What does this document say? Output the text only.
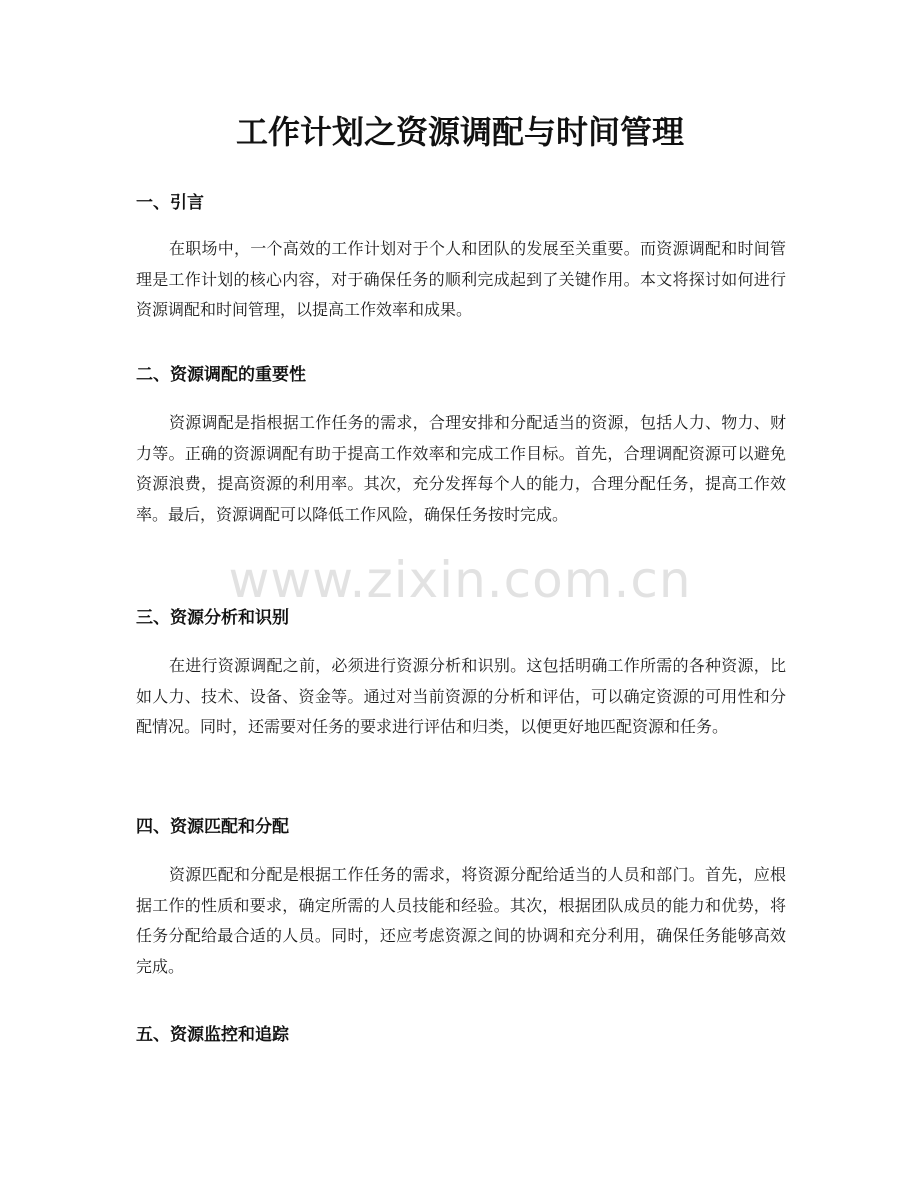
工作计划之资源调配与时间管理
一、引言

在职场中，一个高效的工作计划对于个人和团队的发展至关重要。而资源调配和时间管理是工作计划的核心内容，对于确保任务的顺利完成起到了关键作用。本文将探讨如何进行资源调配和时间管理，以提高工作效率和成果。

二、资源调配的重要性

资源调配是指根据工作任务的需求，合理安排和分配适当的资源，包括人力、物力、财力等。正确的资源调配有助于提高工作效率和完成工作目标。首先，合理调配资源可以避免资源浪费，提高资源的利用率。其次，充分发挥每个人的能力，合理分配任务，提高工作效率。最后，资源调配可以降低工作风险，确保任务按时完成。

三、资源分析和识别

在进行资源调配之前，必须进行资源分析和识别。这包括明确工作所需的各种资源，比如人力、技术、设备、资金等。通过对当前资源的分析和评估，可以确定资源的可用性和分配情况。同时，还需要对任务的要求进行评估和归类，以便更好地匹配资源和任务。

四、资源匹配和分配

资源匹配和分配是根据工作任务的需求，将资源分配给适当的人员和部门。首先，应根据工作的性质和要求，确定所需的人员技能和经验。其次，根据团队成员的能力和优势，将任务分配给最合适的人员。同时，还应考虑资源之间的协调和充分利用，确保任务能够高效完成。

五、资源监控和追踪
www.zixin.com.cn
